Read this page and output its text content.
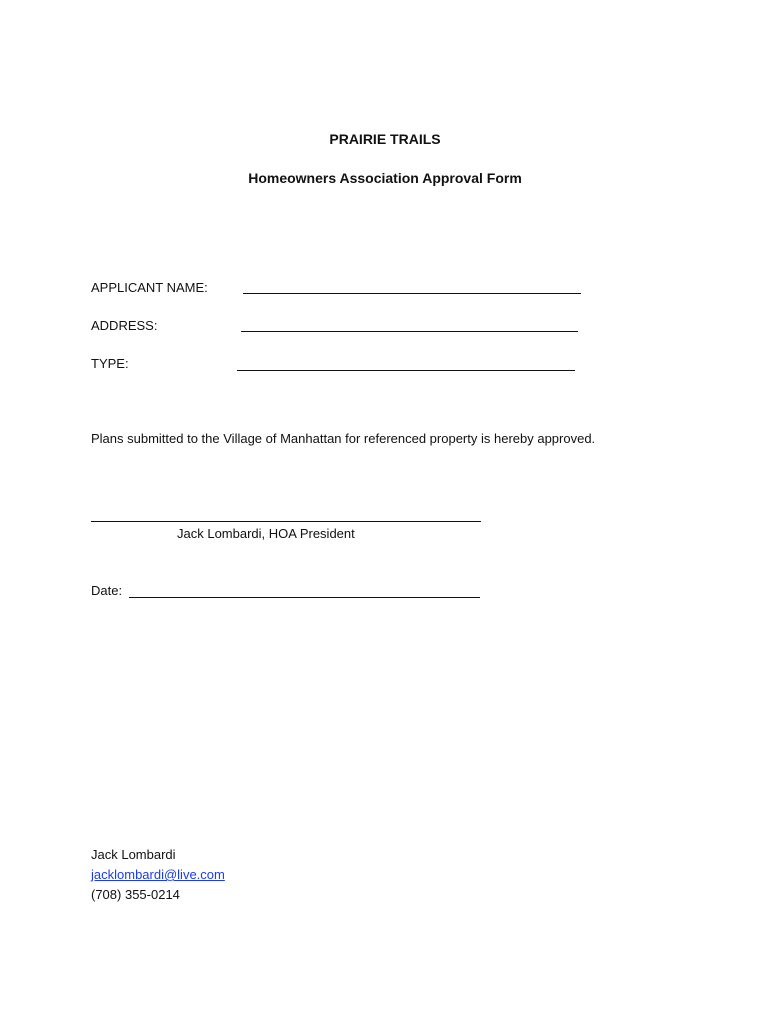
PRAIRIE TRAILS
Homeowners Association Approval Form
APPLICANT NAME:
ADDRESS:
TYPE:
Plans submitted to the Village of Manhattan for referenced property is hereby approved.
Jack Lombardi, HOA President
Date:
Jack Lombardi
jacklombardi@live.com
(708) 355-0214
